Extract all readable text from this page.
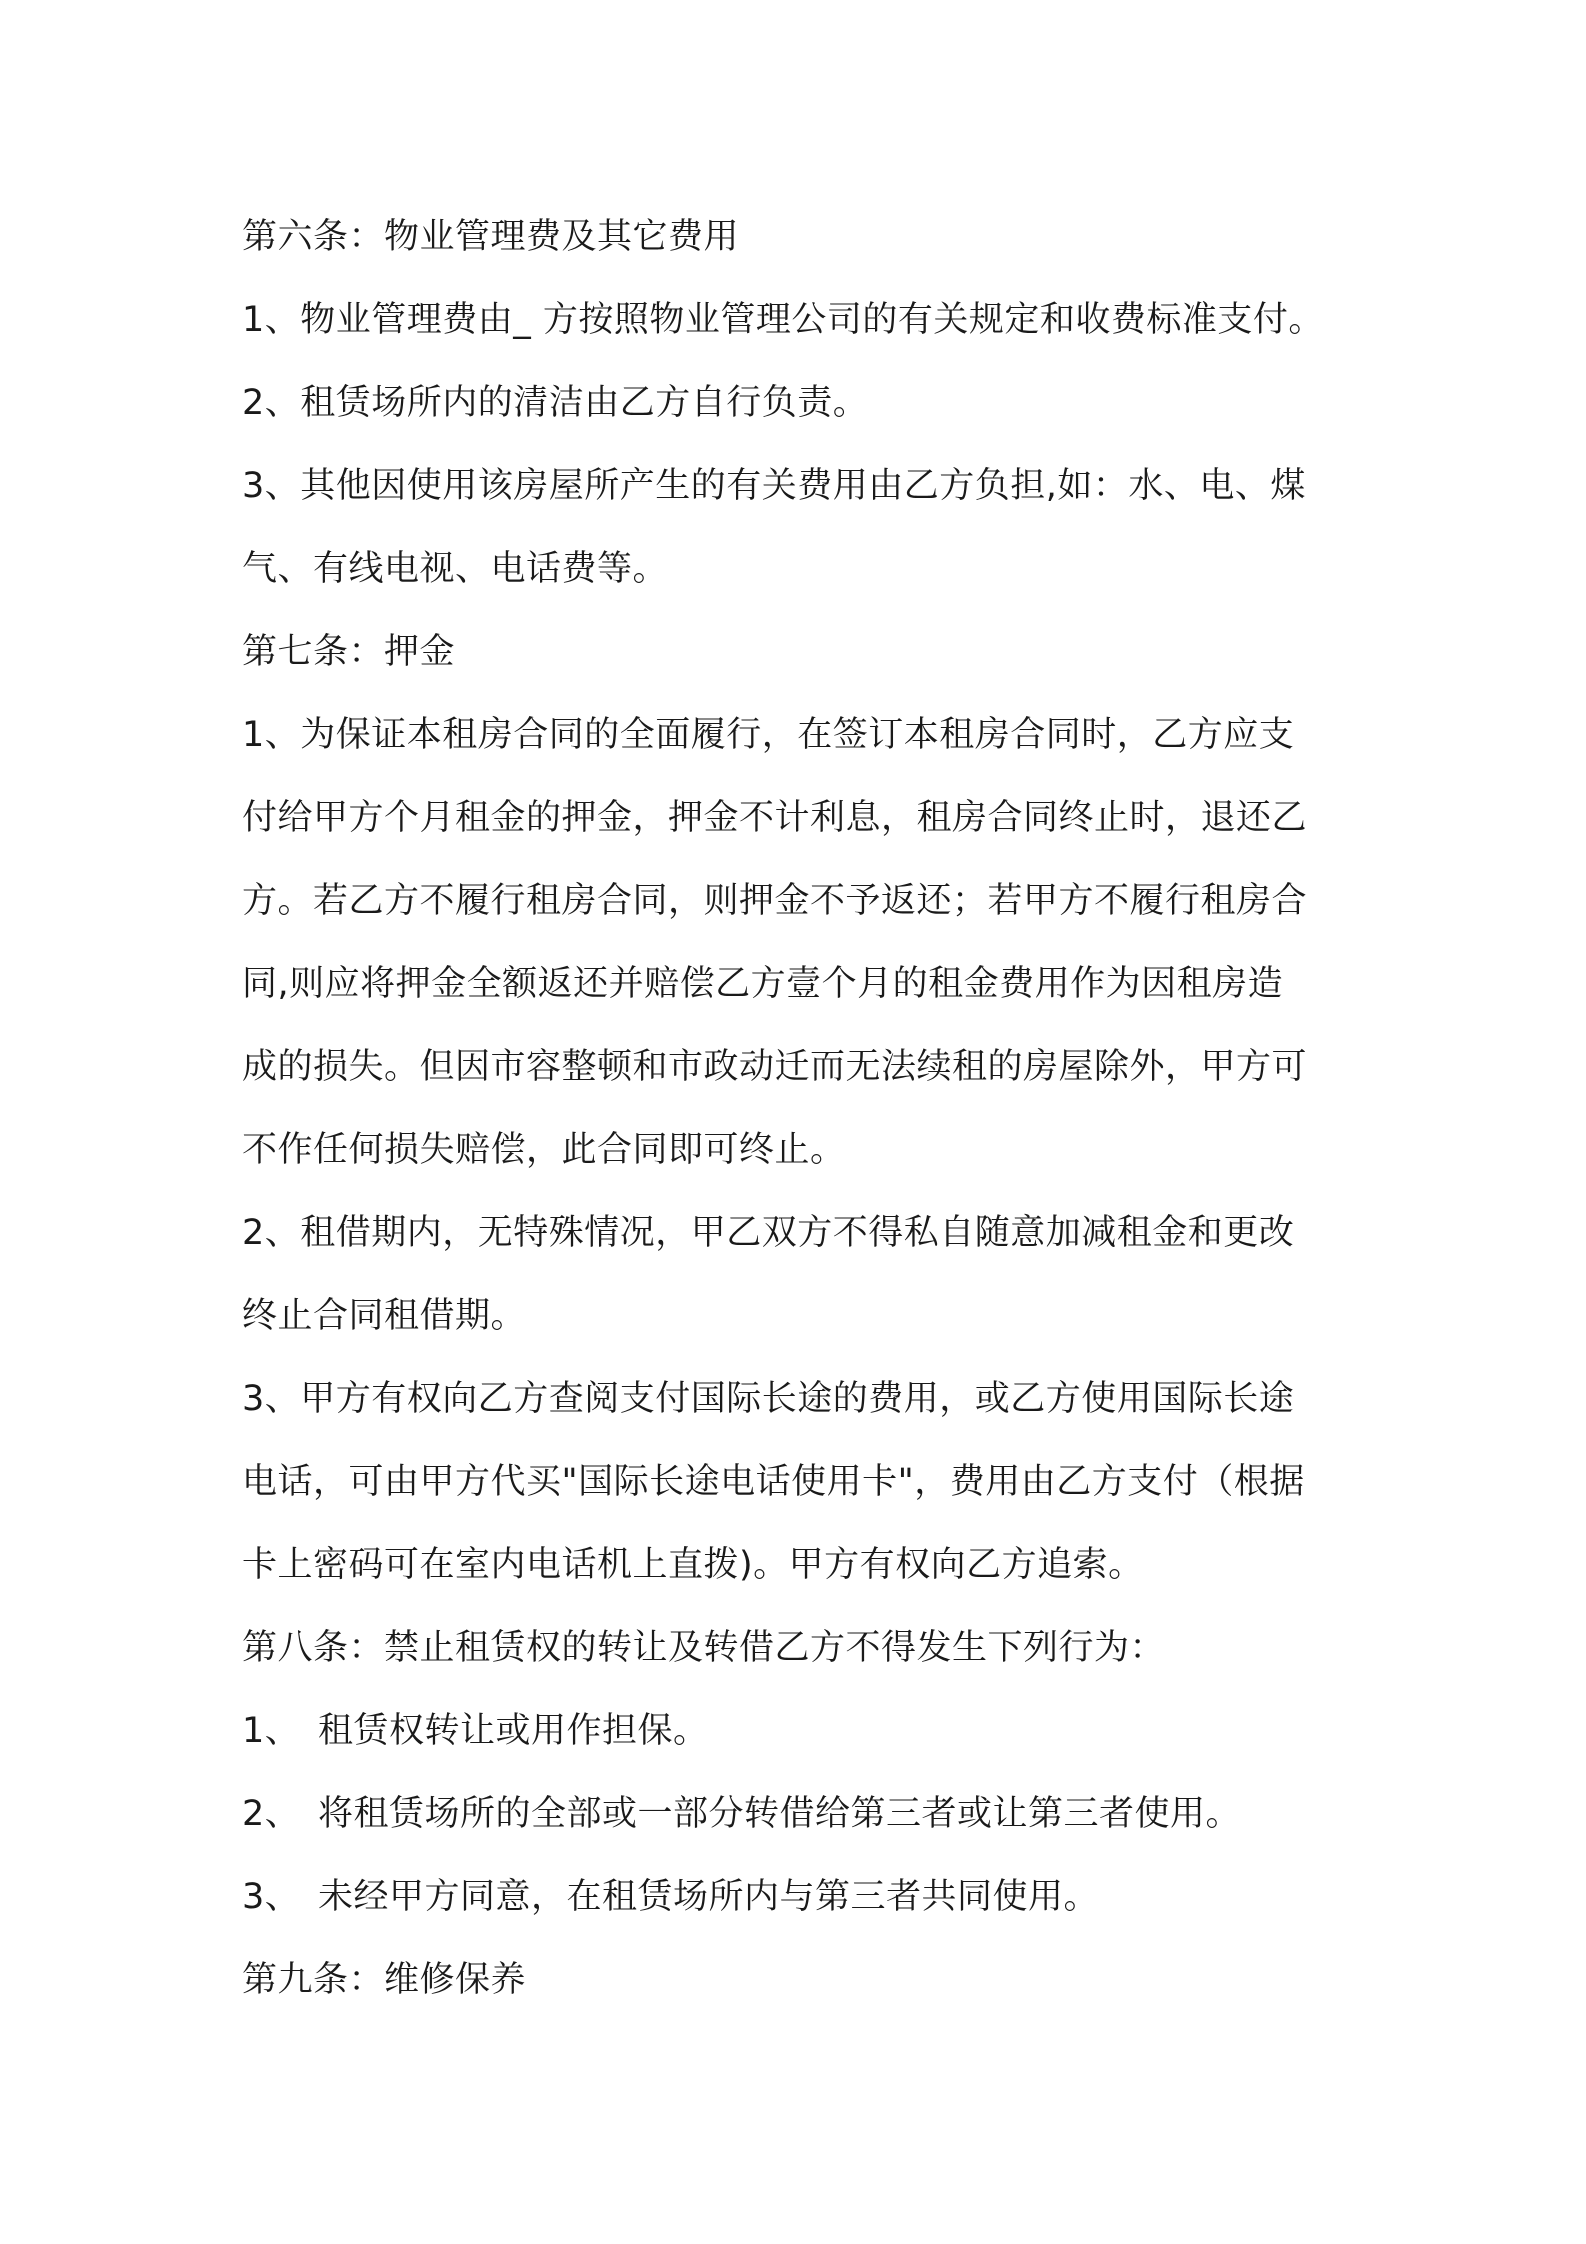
第六条：物业管理费及其它费用
1、物业管理费由_ 方按照物业管理公司的有关规定和收费标准支付。
2、租赁场所内的清洁由乙方自行负责。
3、其他因使用该房屋所产生的有关费用由乙方负担,如：水、电、煤
气、有线电视、电话费等。
第七条：押金
1、为保证本租房合同的全面履行，在签订本租房合同时，乙方应支
付给甲方个月租金的押金，押金不计利息，租房合同终止时，退还乙
方。若乙方不履行租房合同，则押金不予返还；若甲方不履行租房合
同,则应将押金全额返还并赔偿乙方壹个月的租金费用作为因租房造
成的损失。但因市容整顿和市政动迁而无法续租的房屋除外，甲方可
不作任何损失赔偿，此合同即可终止。
2、租借期内，无特殊情况，甲乙双方不得私自随意加减租金和更改
终止合同租借期。
3、甲方有权向乙方查阅支付国际长途的费用，或乙方使用国际长途
电话，可由甲方代买"国际长途电话使用卡"，费用由乙方支付（根据
卡上密码可在室内电话机上直拨)。甲方有权向乙方追索。
第八条：禁止租赁权的转让及转借乙方不得发生下列行为：
1、 租赁权转让或用作担保。
2、 将租赁场所的全部或一部分转借给第三者或让第三者使用。
3、 未经甲方同意，在租赁场所内与第三者共同使用。
第九条：维修保养
